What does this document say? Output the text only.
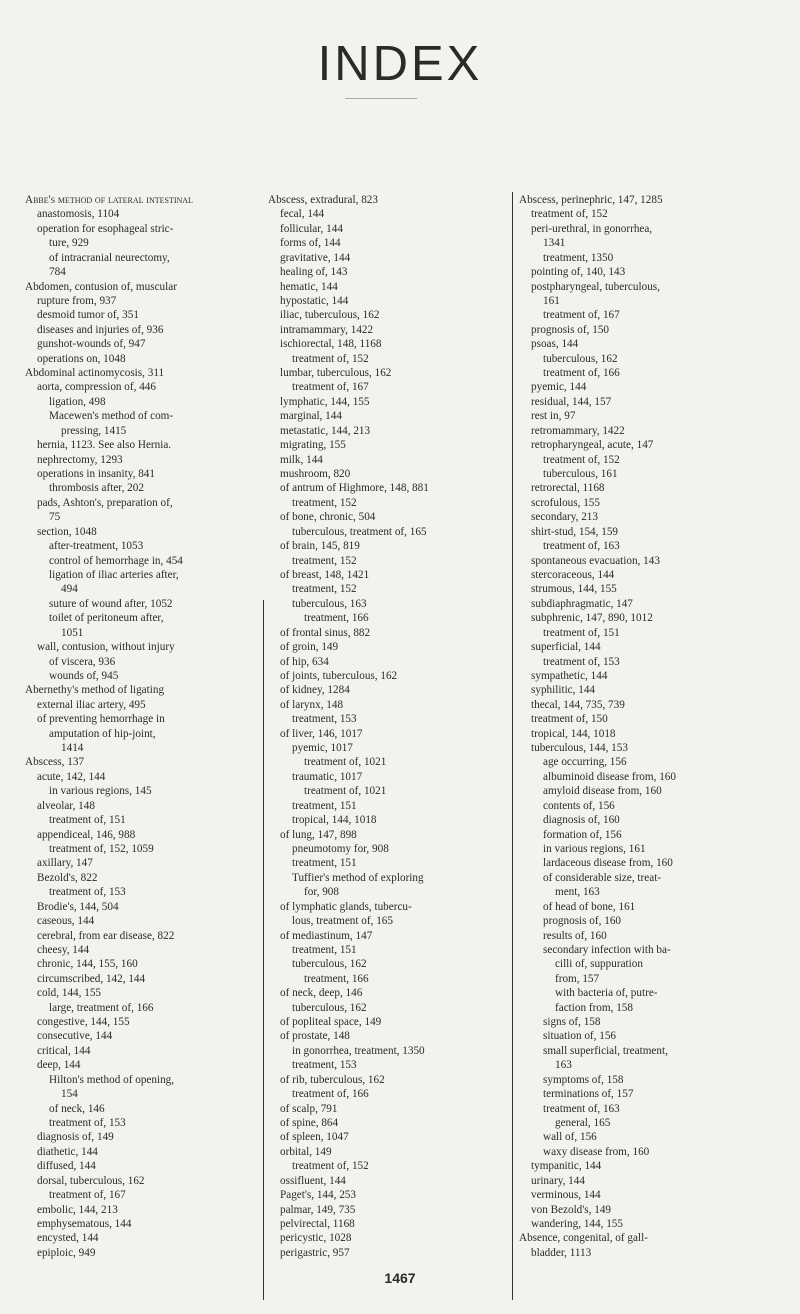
INDEX
Abbe's method of lateral intestinal
anastomosis, 1104
operation for esophageal stric-
ture, 929
of intracranial neurectomy,
784
Abdomen, contusion of, muscular
rupture from, 937
desmoid tumor of, 351
diseases and injuries of, 936
gunshot-wounds of, 947
operations on, 1048
Abdominal actinomycosis, 311
aorta, compression of, 446
ligation, 498
Macewen's method of com-
pressing, 1415
hernia, 1123. See also Hernia.
nephrectomy, 1293
operations in insanity, 841
thrombosis after, 202
pads, Ashton's, preparation of,
75
section, 1048
after-treatment, 1053
control of hemorrhage in, 454
ligation of iliac arteries after,
494
suture of wound after, 1052
toilet of peritoneum after,
1051
wall, contusion, without injury
of viscera, 936
wounds of, 945
Abernethy's method of ligating
external iliac artery, 495
of preventing hemorrhage in
amputation of hip-joint,
1414
Abscess, 137
acute, 142, 144
in various regions, 145
alveolar, 148
treatment of, 151
appendiceal, 146, 988
treatment of, 152, 1059
axillary, 147
Bezold's, 822
treatment of, 153
Brodie's, 144, 504
caseous, 144
cerebral, from ear disease, 822
cheesy, 144
chronic, 144, 155, 160
circumscribed, 142, 144
cold, 144, 155
large, treatment of, 166
congestive, 144, 155
consecutive, 144
critical, 144
deep, 144
Hilton's method of opening,
154
of neck, 146
treatment of, 153
diagnosis of, 149
diathetic, 144
diffused, 144
dorsal, tuberculous, 162
treatment of, 167
embolic, 144, 213
emphysematous, 144
encysted, 144
epiploic, 949
Abscess, extradural, 823
fecal, 144
follicular, 144
forms of, 144
gravitative, 144
healing of, 143
hematic, 144
hypostatic, 144
iliac, tuberculous, 162
intramammary, 1422
ischiorectal, 148, 1168
treatment of, 152
lumbar, tuberculous, 162
treatment of, 167
lymphatic, 144, 155
marginal, 144
metastatic, 144, 213
migrating, 155
milk, 144
mushroom, 820
of antrum of Highmore, 148, 881
treatment, 152
of bone, chronic, 504
tuberculous, treatment of, 165
of brain, 145, 819
treatment, 152
of breast, 148, 1421
treatment, 152
tuberculous, 163
treatment, 166
of frontal sinus, 882
of groin, 149
of hip, 634
of joints, tuberculous, 162
of kidney, 1284
of larynx, 148
treatment, 153
of liver, 146, 1017
pyemic, 1017
treatment of, 1021
traumatic, 1017
treatment of, 1021
treatment, 151
tropical, 144, 1018
of lung, 147, 898
pneumotomy for, 908
treatment, 151
Tuffier's method of exploring
for, 908
of lymphatic glands, tubercu-
lous, treatment of, 165
of mediastinum, 147
treatment, 151
tuberculous, 162
treatment, 166
of neck, deep, 146
tuberculous, 162
of popliteal space, 149
of prostate, 148
in gonorrhea, treatment, 1350
treatment, 153
of rib, tuberculous, 162
treatment of, 166
of scalp, 791
of spine, 864
of spleen, 1047
orbital, 149
treatment of, 152
ossifluent, 144
Paget's, 144, 253
palmar, 149, 735
pelvirectal, 1168
pericystic, 1028
perigastric, 957
Abscess, perinephric, 147, 1285
treatment of, 152
peri-urethral, in gonorrhea,
1341
treatment, 1350
pointing of, 140, 143
postpharyngeal, tuberculous,
161
treatment of, 167
prognosis of, 150
psoas, 144
tuberculous, 162
treatment of, 166
pyemic, 144
residual, 144, 157
rest in, 97
retromammary, 1422
retropharyngeal, acute, 147
treatment of, 152
tuberculous, 161
retrorectal, 1168
scrofulous, 155
secondary, 213
shirt-stud, 154, 159
treatment of, 163
spontaneous evacuation, 143
stercoraceous, 144
strumous, 144, 155
subdiaphragmatic, 147
subphrenic, 147, 890, 1012
treatment of, 151
superficial, 144
treatment of, 153
sympathetic, 144
syphilitic, 144
thecal, 144, 735, 739
treatment of, 150
tropical, 144, 1018
tuberculous, 144, 153
age occurring, 156
albuminoid disease from, 160
amyloid disease from, 160
contents of, 156
diagnosis of, 160
formation of, 156
in various regions, 161
lardaceous disease from, 160
of considerable size, treat-
ment, 163
of head of bone, 161
prognosis of, 160
results of, 160
secondary infection with ba-
cilli of, suppuration
from, 157
with bacteria of, putre-
faction from, 158
signs of, 158
situation of, 156
small superficial, treatment,
163
symptoms of, 158
terminations of, 157
treatment of, 163
general, 165
wall of, 156
waxy disease from, 160
tympanitic, 144
urinary, 144
verminous, 144
von Bezold's, 149
wandering, 144, 155
Absence, congenital, of gall-
bladder, 1113
1467
